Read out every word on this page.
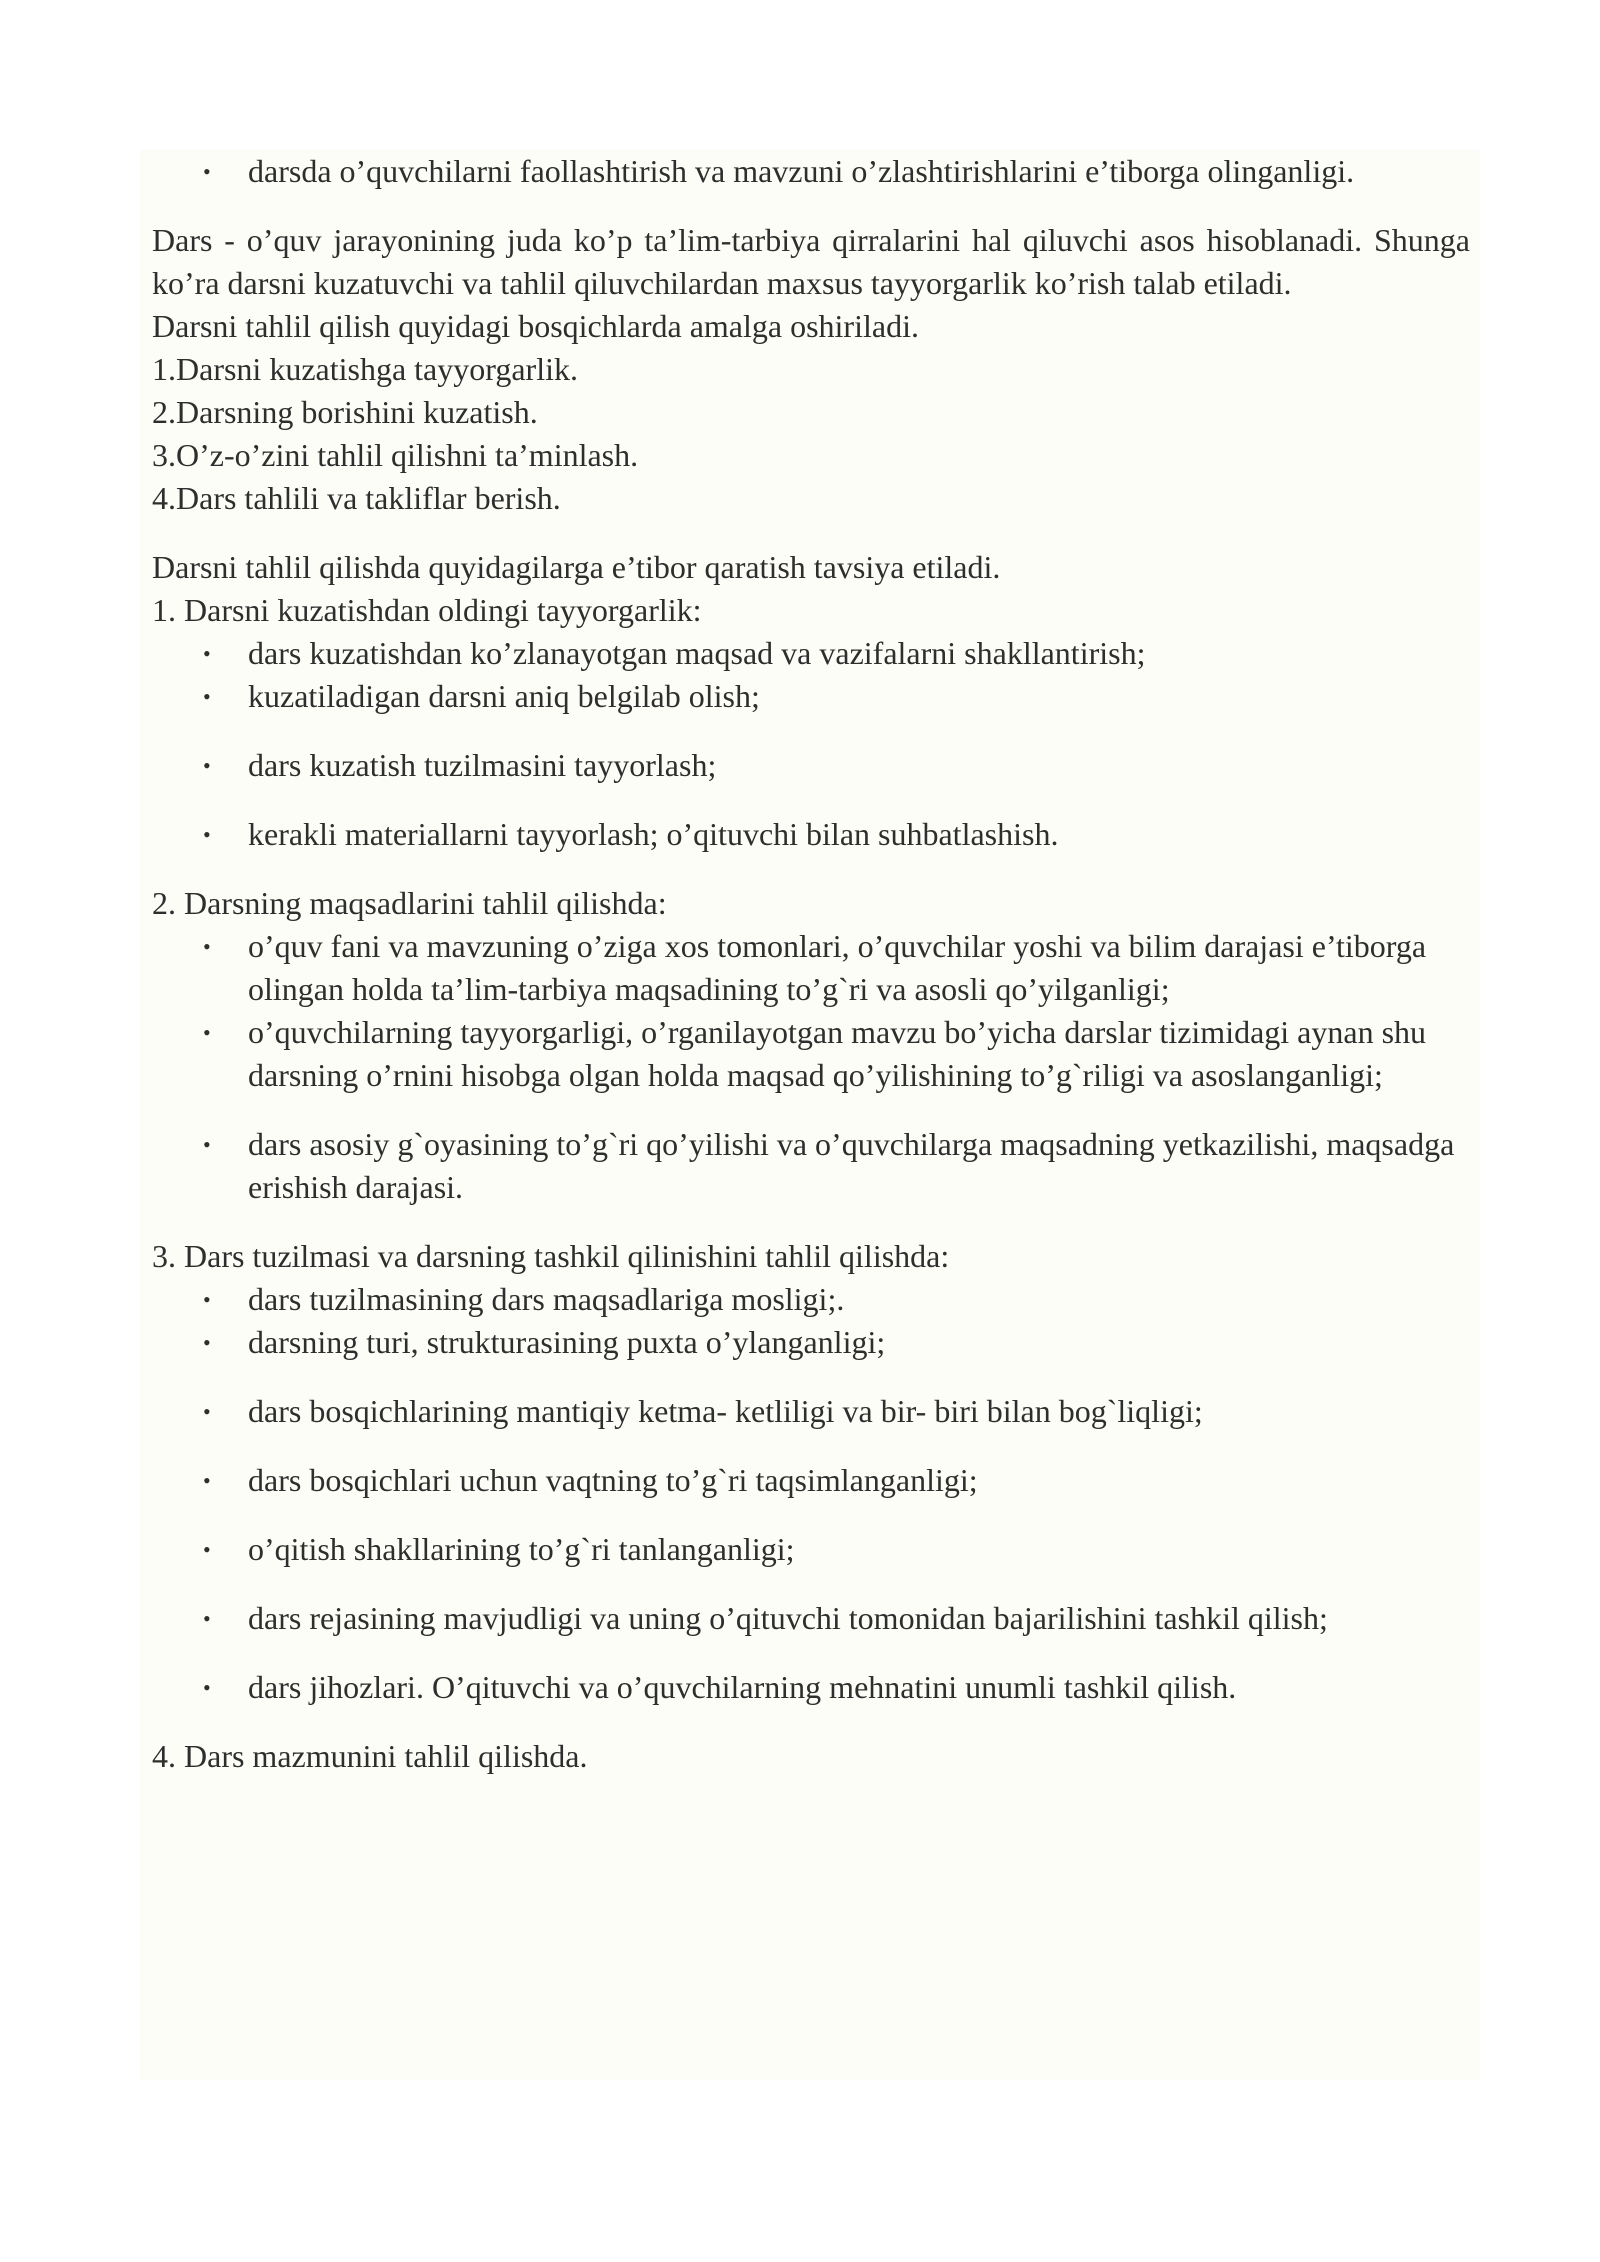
• darsda o’quvchilarni faollashtirish va mavzuni o’zlashtirishlarini e’tiborga olinganligi.

Dars - o’quv jarayonining juda ko’p ta’lim-tarbiya qirralarini hal qiluvchi asos hisoblanadi. Shunga ko’ra darsni kuzatuvchi va tahlil qiluvchilardan maxsus tayyorgarlik ko’rish talab etiladi.

Darsni tahlil qilish quyidagi bosqichlarda amalga oshiriladi.

1.Darsni kuzatishga tayyorgarlik.

2.Darsning borishini kuzatish.

3.O’z-o’zini tahlil qilishni ta’minlash.

4.Dars tahlili va takliflar berish.

Darsni tahlil qilishda quyidagilarga e’tibor qaratish tavsiya etiladi.

1. Darsni kuzatishdan oldingi tayyorgarlik:

• dars kuzatishdan ko’zlanayotgan maqsad va vazifalarni shakllantirish;
• kuzatiladigan darsni aniq belgilab olish;
• dars kuzatish tuzilmasini tayyorlash;
• kerakli materiallarni tayyorlash; o’qituvchi bilan suhbatlashish.

2. Darsning maqsadlarini tahlil qilishda:

• o’quv fani va mavzuning o’ziga xos tomonlari, o’quvchilar yoshi va bilim darajasi e’tiborga olingan holda ta’lim-tarbiya maqsadining to’g`ri va asosli qo’yilganligi;
• o’quvchilarning tayyorgarligi, o’rganilayotgan mavzu bo’yicha darslar tizimidagi aynan shu darsning o’rnini hisobga olgan holda maqsad qo’yilishining to’g`riligi va asoslanganligi;
• dars asosiy g`oyasining to’g`ri qo’yilishi va o’quvchilarga maqsadning yetkazilishi, maqsadga erishish darajasi.

3. Dars tuzilmasi va darsning tashkil qilinishini tahlil qilishda:

• dars tuzilmasining dars maqsadlariga mosligi;.
• darsning turi, strukturasining puxta o’ylanganligi;
• dars bosqichlarining mantiqiy ketma- ketliligi va bir- biri bilan bog`liqligi;
• dars bosqichlari uchun vaqtning to’g`ri taqsimlanganligi;
• o’qitish shakllarining to’g`ri tanlanganligi;
• dars rejasining mavjudligi va uning o’qituvchi tomonidan bajarilishini tashkil qilish;
• dars jihozlari. O’qituvchi va o’quvchilarning mehnatini unumli tashkil qilish.

4. Dars mazmunini tahlil qilishda.
